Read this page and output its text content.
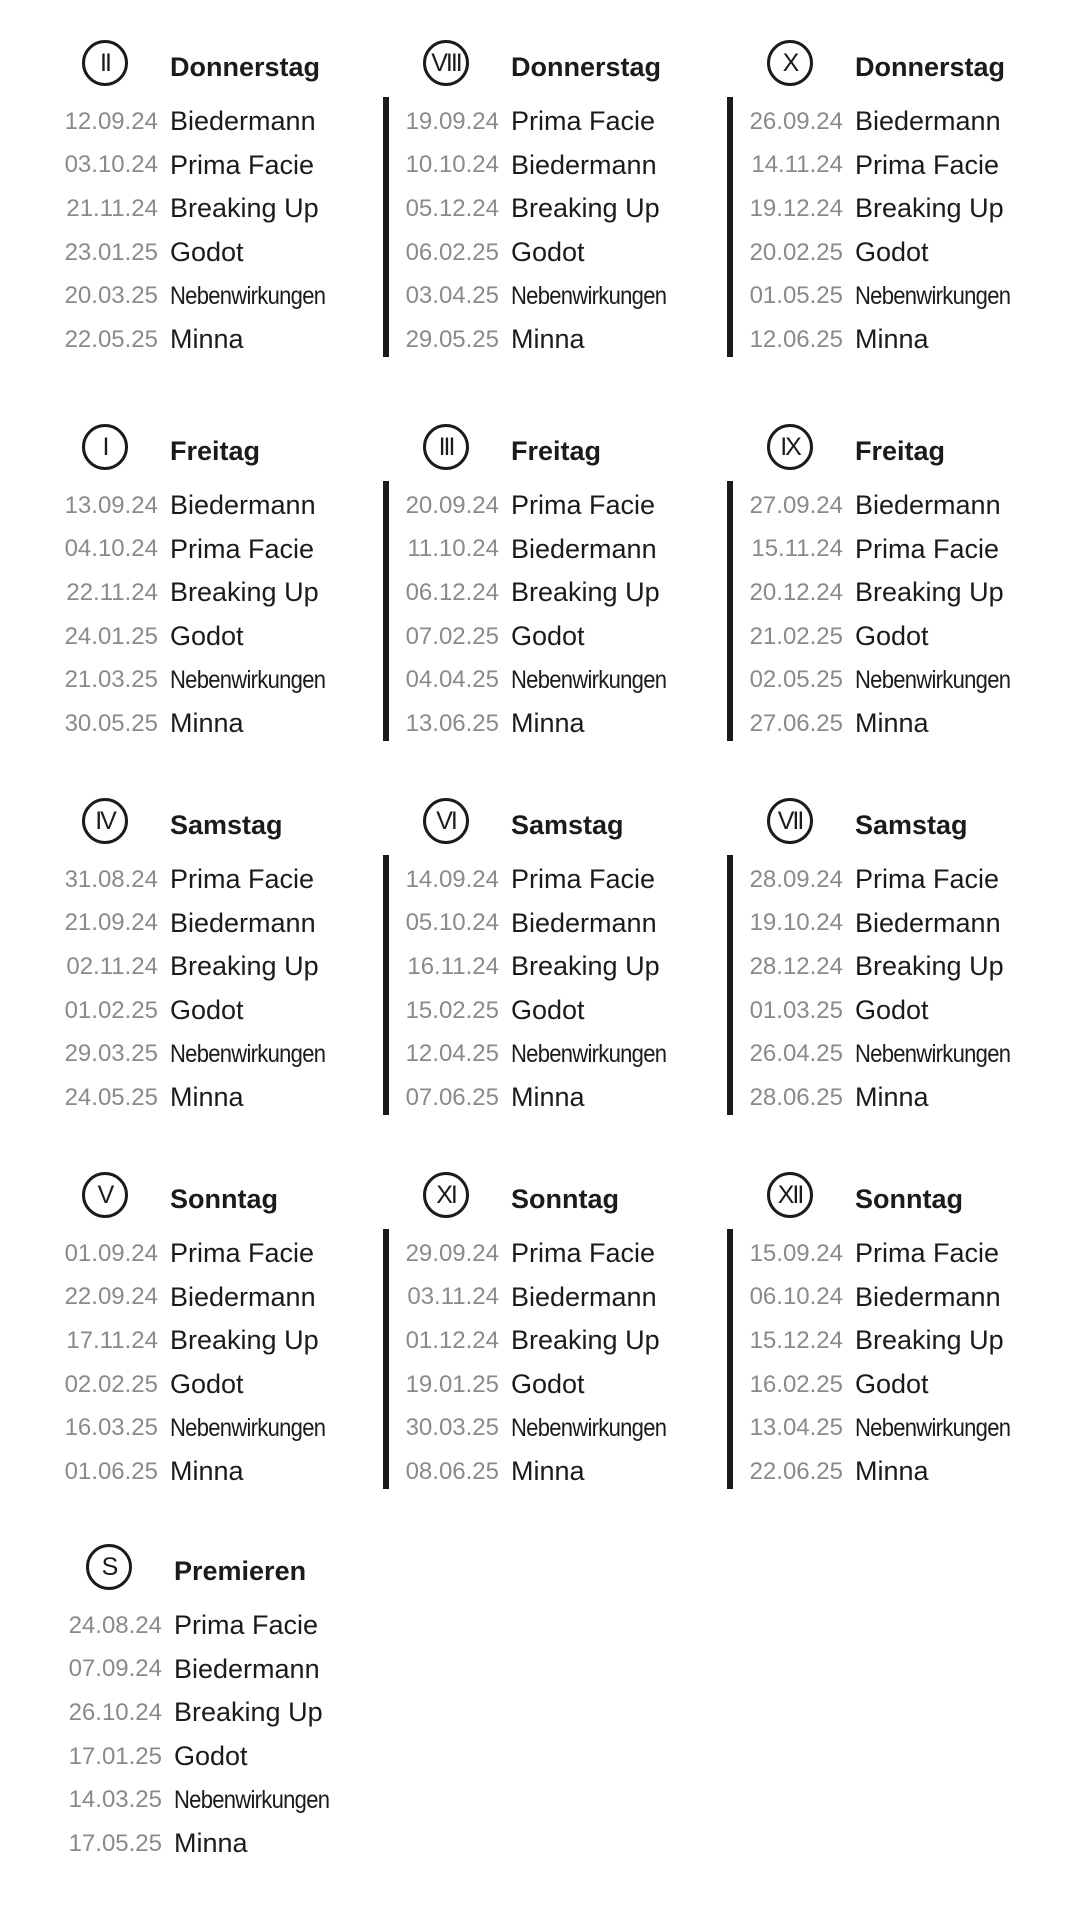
II	Donnerstag
12.09.24 Biedermann
03.10.24 Prima Facie
21.11.24 Breaking Up
23.01.25 Godot
20.03.25 Nebenwirkungen
22.05.25 Minna
VIII	Donnerstag
19.09.24 Prima Facie
10.10.24 Biedermann
05.12.24 Breaking Up
06.02.25 Godot
03.04.25 Nebenwirkungen
29.05.25 Minna
X	Donnerstag
26.09.24 Biedermann
14.11.24 Prima Facie
19.12.24 Breaking Up
20.02.25 Godot
01.05.25 Nebenwirkungen
12.06.25 Minna
I	Freitag
13.09.24 Biedermann
04.10.24 Prima Facie
22.11.24 Breaking Up
24.01.25 Godot
21.03.25 Nebenwirkungen
30.05.25 Minna
III	Freitag
20.09.24 Prima Facie
11.10.24 Biedermann
06.12.24 Breaking Up
07.02.25 Godot
04.04.25 Nebenwirkungen
13.06.25 Minna
IX	Freitag
27.09.24 Biedermann
15.11.24 Prima Facie
20.12.24 Breaking Up
21.02.25 Godot
02.05.25 Nebenwirkungen
27.06.25 Minna
IV	Samstag
31.08.24 Prima Facie
21.09.24 Biedermann
02.11.24 Breaking Up
01.02.25 Godot
29.03.25 Nebenwirkungen
24.05.25 Minna
VI	Samstag
14.09.24 Prima Facie
05.10.24 Biedermann
16.11.24 Breaking Up
15.02.25 Godot
12.04.25 Nebenwirkungen
07.06.25 Minna
VII	Samstag
28.09.24 Prima Facie
19.10.24 Biedermann
28.12.24 Breaking Up
01.03.25 Godot
26.04.25 Nebenwirkungen
28.06.25 Minna
V	Sonntag
01.09.24 Prima Facie
22.09.24 Biedermann
17.11.24 Breaking Up
02.02.25 Godot
16.03.25 Nebenwirkungen
01.06.25 Minna
XI	Sonntag
29.09.24 Prima Facie
03.11.24 Biedermann
01.12.24 Breaking Up
19.01.25 Godot
30.03.25 Nebenwirkungen
08.06.25 Minna
XII	Sonntag
15.09.24 Prima Facie
06.10.24 Biedermann
15.12.24 Breaking Up
16.02.25 Godot
13.04.25 Nebenwirkungen
22.06.25 Minna
S	Premieren
24.08.24 Prima Facie
07.09.24 Biedermann
26.10.24 Breaking Up
17.01.25 Godot
14.03.25 Nebenwirkungen
17.05.25 Minna
